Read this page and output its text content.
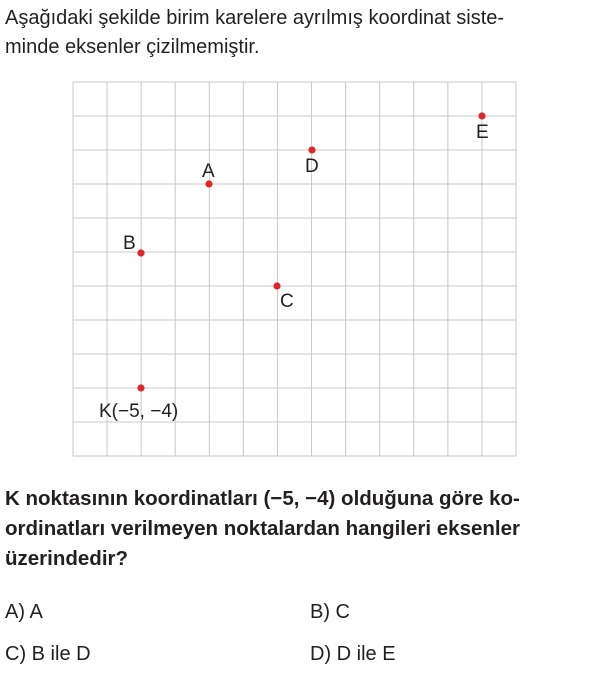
Aşağıdaki şekilde birim karelere ayrılmış koordinat siste-
minde eksenler çizilmemiştir.
A
B
C
D
E
K(−5, −4)
K noktasının koordinatları (−5, −4) olduğuna göre ko-
ordinatları verilmeyen noktalardan hangileri eksenler
üzerindedir?
A) A	B) C
C) B ile D	D) D ile E
